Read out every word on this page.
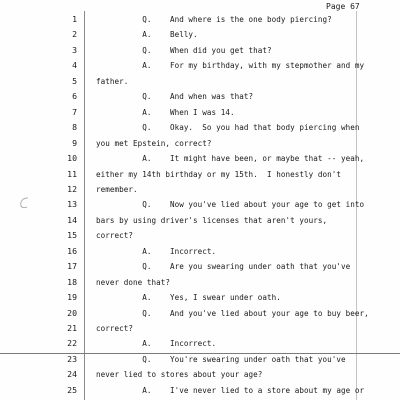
Page 67
1	Q.    And where is the one body piercing?
2	A.    Belly.
3	Q.    When did you get that?
4	A.    For my birthday, with my stepmother and my
5	father.
6	Q.    And when was that?
7	A.    When I was 14.
8	Q.    Okay.  So you had that body piercing when
9	you met Epstein, correct?
10	A.    It might have been, or maybe that -- yeah,
11	either my 14th birthday or my 15th.  I honestly don't
12	remember.
13	Q.    Now you've lied about your age to get into
14	bars by using driver's licenses that aren't yours,
15	correct?
16	A.    Incorrect.
17	Q.    Are you swearing under oath that you've
18	never done that?
19	A.    Yes, I swear under oath.
20	Q.    And you've lied about your age to buy beer,
21	correct?
22	A.    Incorrect.
23	Q.    You're swearing under oath that you've
24	never lied to stores about your age?
25	A.    I've never lied to a store about my age or
